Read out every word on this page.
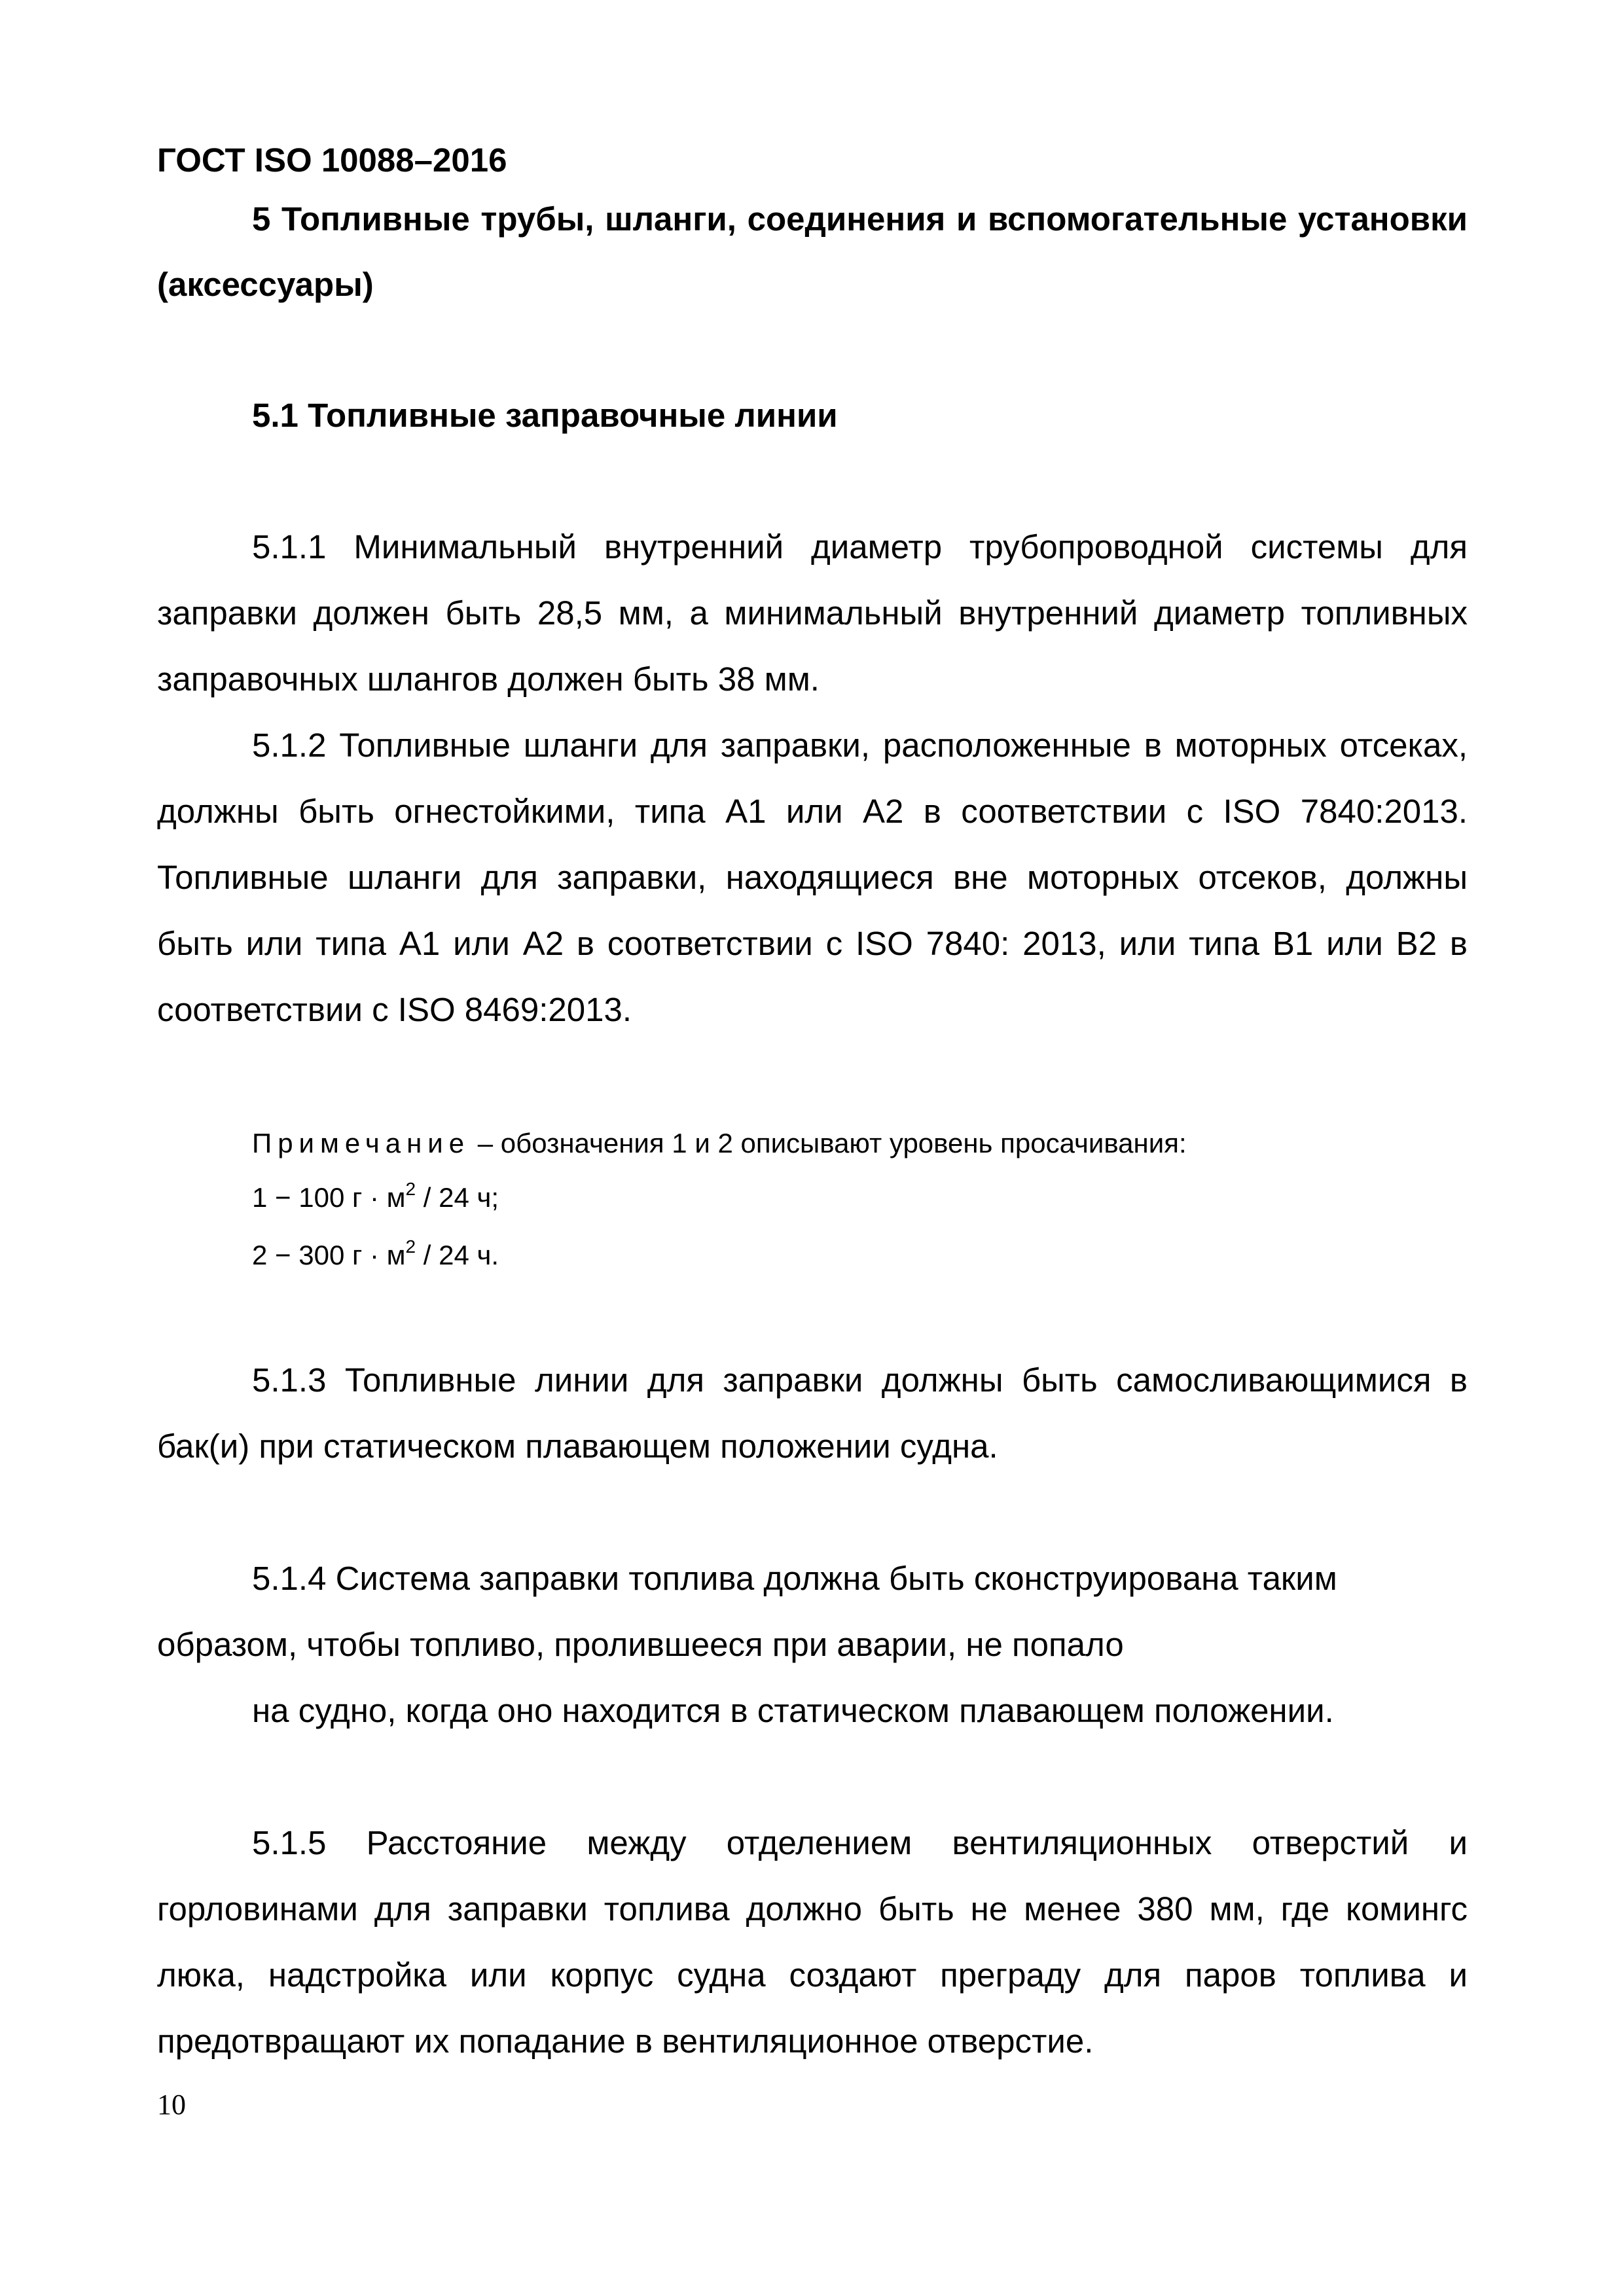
ГОСТ ISO 10088–2016

5 Топливные трубы, шланги, соединения и вспомогательные установки (аксессуары)

5.1 Топливные заправочные линии

5.1.1 Минимальный внутренний диаметр трубопроводной системы для заправки должен быть 28,5 мм, а минимальный внутренний диаметр топливных заправочных шлангов должен быть 38 мм.

5.1.2 Топливные шланги для заправки, расположенные в моторных отсеках, должны быть огнестойкими, типа А1 или А2 в соответствии с ISO 7840:2013. Топливные шланги для заправки, находящиеся вне моторных отсеков, должны быть или типа А1 или А2 в соответствии с ISO 7840: 2013, или типа В1 или В2 в соответствии с ISO 8469:2013.

Примечание – обозначения 1 и 2 описывают уровень просачивания:

1 − 100 $г \cdot м^2 / 24$ ч;

2 − 300 $г \cdot м^2 / 24$ ч.

5.1.3 Топливные линии для заправки должны быть самосливающимися в бак(и) при статическом плавающем положении судна.

5.1.4 Система заправки топлива должна быть сконструирована таким образом, чтобы топливо, пролившееся при аварии, не попало

на судно, когда оно находится в статическом плавающем положении.

5.1.5 Расстояние между отделением вентиляционных отверстий и горловинами для заправки топлива должно быть не менее 380 мм, где комингс люка, надстройка или корпус судна создают преграду для паров топлива и предотвращают их попадание в вентиляционное отверстие.

10
